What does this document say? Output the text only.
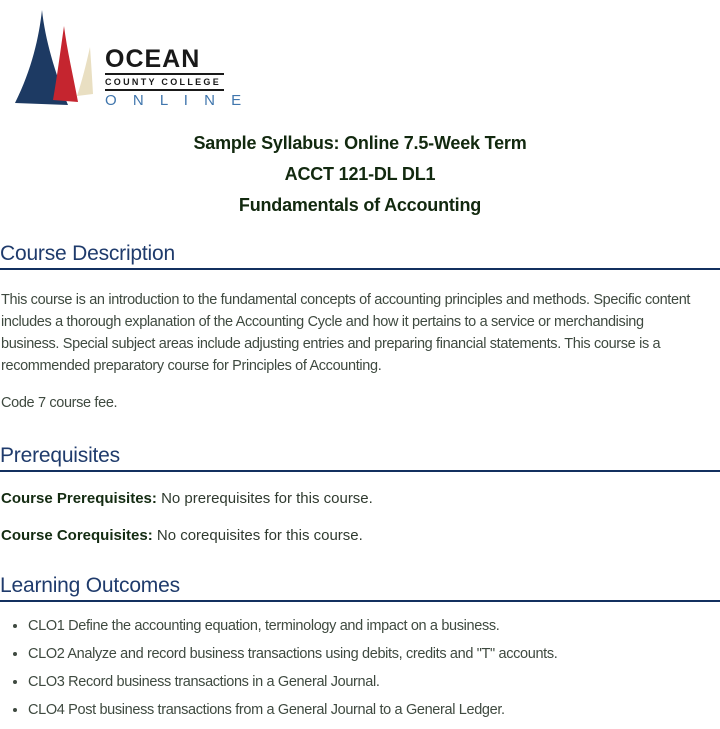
OCEAN
COUNTY COLLEGE
O N L I N E
Sample Syllabus: Online 7.5-Week Term
ACCT 121-DL DL1
Fundamentals of Accounting
Course Description

This course is an introduction to the fundamental concepts of accounting principles and methods. Specific content includes a thorough explanation of the Accounting Cycle and how it pertains to a service or merchandising business. Special subject areas include adjusting entries and preparing financial statements. This course is a recommended preparatory course for Principles of Accounting.

Code 7 course fee.

Prerequisites

Course Prerequisites: No prerequisites for this course.

Course Corequisites: No corequisites for this course.

Learning Outcomes
• CLO1 Define the accounting equation, terminology and impact on a business.
• CLO2 Analyze and record business transactions using debits, credits and "T" accounts.
• CLO3 Record business transactions in a General Journal.
• CLO4 Post business transactions from a General Journal to a General Ledger.
